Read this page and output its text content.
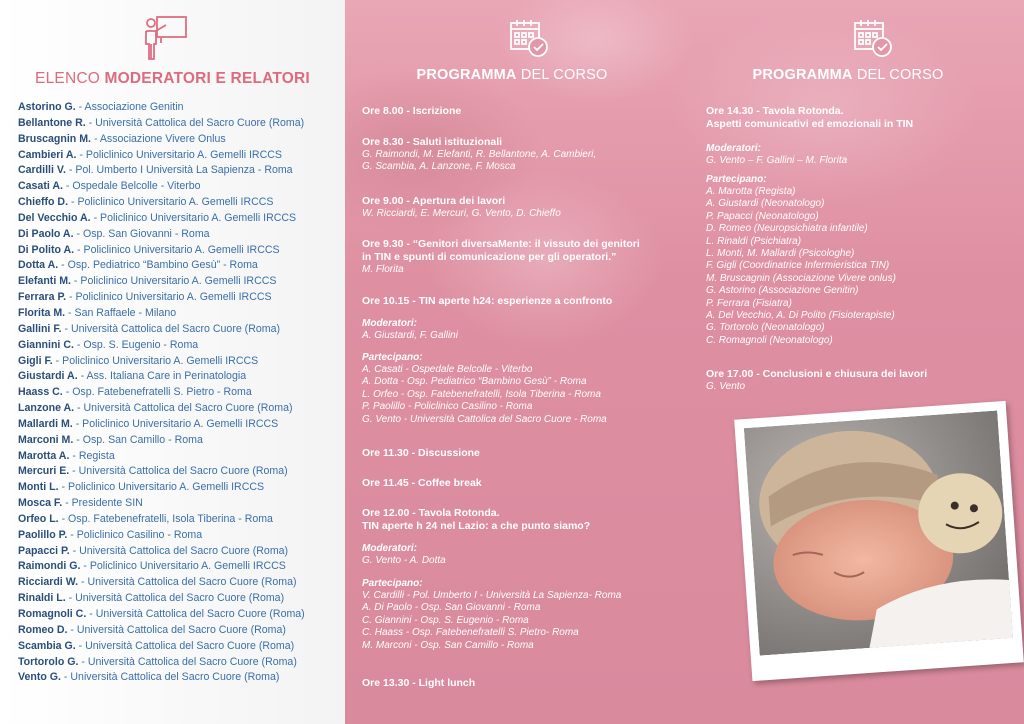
ELENCO MODERATORI E RELATORI
Astorino G. - Associazione Genitin
Bellantone R. - Università Cattolica del Sacro Cuore (Roma)
Bruscagnin M. - Associazione Vivere Onlus
Cambieri A. - Policlinico Universitario A. Gemelli IRCCS
Cardilli V. - Pol. Umberto I Università La Sapienza - Roma
Casati A. - Ospedale Belcolle - Viterbo
Chieffo D. - Policlinico Universitario A. Gemelli IRCCS
Del Vecchio A. - Policlinico Universitario A. Gemelli IRCCS
Di Paolo A. - Osp. San Giovanni - Roma
Di Polito A. - Policlinico Universitario A. Gemelli IRCCS
Dotta A. - Osp. Pediatrico “Bambino Gesù” - Roma
Elefanti M. - Policlinico Universitario A. Gemelli IRCCS
Ferrara P. - Policlinico Universitario A. Gemelli IRCCS
Florita M. - San Raffaele - Milano
Gallini F. - Università Cattolica del Sacro Cuore (Roma)
Giannini C. - Osp. S. Eugenio - Roma
Gigli F. - Policlinico Universitario A. Gemelli IRCCS
Giustardi A. - Ass. Italiana Care in Perinatologia
Haass C. - Osp. Fatebenefratelli S. Pietro - Roma
Lanzone A. - Università Cattolica del Sacro Cuore (Roma)
Mallardi M. - Policlinico Universitario A. Gemelli IRCCS
Marconi M. - Osp. San Camillo - Roma
Marotta A. - Regista
Mercuri E. - Università Cattolica del Sacro Cuore (Roma)
Monti L. - Policlinico Universitario A. Gemelli IRCCS
Mosca F. - Presidente SIN
Orfeo L. - Osp. Fatebenefratelli, Isola Tiberina - Roma
Paolillo P. - Policlinico Casilino - Roma
Papacci P. - Università Cattolica del Sacro Cuore (Roma)
Raimondi G. - Policlinico Universitario A. Gemelli IRCCS
Ricciardi W. - Università Cattolica del Sacro Cuore (Roma)
Rinaldi L. - Università Cattolica del Sacro Cuore (Roma)
Romagnoli C. - Università Cattolica del Sacro Cuore (Roma)
Romeo D. - Università Cattolica del Sacro Cuore (Roma)
Scambia G. - Università Cattolica del Sacro Cuore (Roma)
Tortorolo G. - Università Cattolica del Sacro Cuore (Roma)
Vento G. - Università Cattolica del Sacro Cuore (Roma)
PROGRAMMA DEL CORSO
Ore 8.00 - Iscrizione
Ore 8.30 - Saluti istituzionali
G. Raimondi, M. Elefanti, R. Bellantone, A. Cambieri,
G. Scambia, A. Lanzone, F. Mosca
Ore 9.00 - Apertura dei lavori
W. Ricciardi, E. Mercuri, G. Vento, D. Chieffo
Ore 9.30 - “Genitori diversaMente: il vissuto dei genitori
in TIN e spunti di comunicazione per gli operatori.”
M. Florita
Ore 10.15 - TIN aperte h24: esperienze a confronto
Moderatori:
A. Giustardi, F. Gallini
Partecipano:
A. Casati - Ospedale Belcolle - Viterbo
A. Dotta - Osp. Pediatrico “Bambino Gesù” - Roma
L. Orfeo - Osp. Fatebenefratelli, Isola Tiberina - Roma
P. Paolillo - Policlinico Casilino - Roma
G. Vento - Università Cattolica del Sacro Cuore - Roma
Ore 11.30 - Discussione
Ore 11.45 - Coffee break
Ore 12.00 - Tavola Rotonda.
TIN aperte h 24 nel Lazio: a che punto siamo?
Moderatori:
G. Vento - A. Dotta
Partecipano:
V. Cardilli - Pol. Umberto I - Università La Sapienza- Roma
A. Di Paolo - Osp. San Giovanni - Roma
C. Giannini - Osp. S. Eugenio - Roma
C. Haass - Osp. Fatebenefratelli S. Pietro- Roma
M. Marconi - Osp. San Camillo - Roma
Ore 13.30 - Light lunch
PROGRAMMA DEL CORSO
Ore 14.30 - Tavola Rotonda.
Aspetti comunicativi ed emozionali in TIN
Moderatori:
G. Vento – F. Gallini – M. Florita
Partecipano:
A. Marotta (Regista)
A. Giustardi (Neonatologo)
P. Papacci (Neonatologo)
D. Romeo (Neuropsichiatra infantile)
L. Rinaldi (Psichiatra)
L. Monti, M. Mallardi (Psicologhe)
F. Gigli (Coordinatrice Infermieristica TIN)
M. Bruscagnin (Associazione Vivere onlus)
G. Astorino (Associazione Genitin)
P. Ferrara (Fisiatra)
A. Del Vecchio, A. Di Polito (Fisioterapiste)
G. Tortorolo (Neonatologo)
C. Romagnoli (Neonatologo)
Ore 17.00 - Conclusioni e chiusura dei lavori
G. Vento
